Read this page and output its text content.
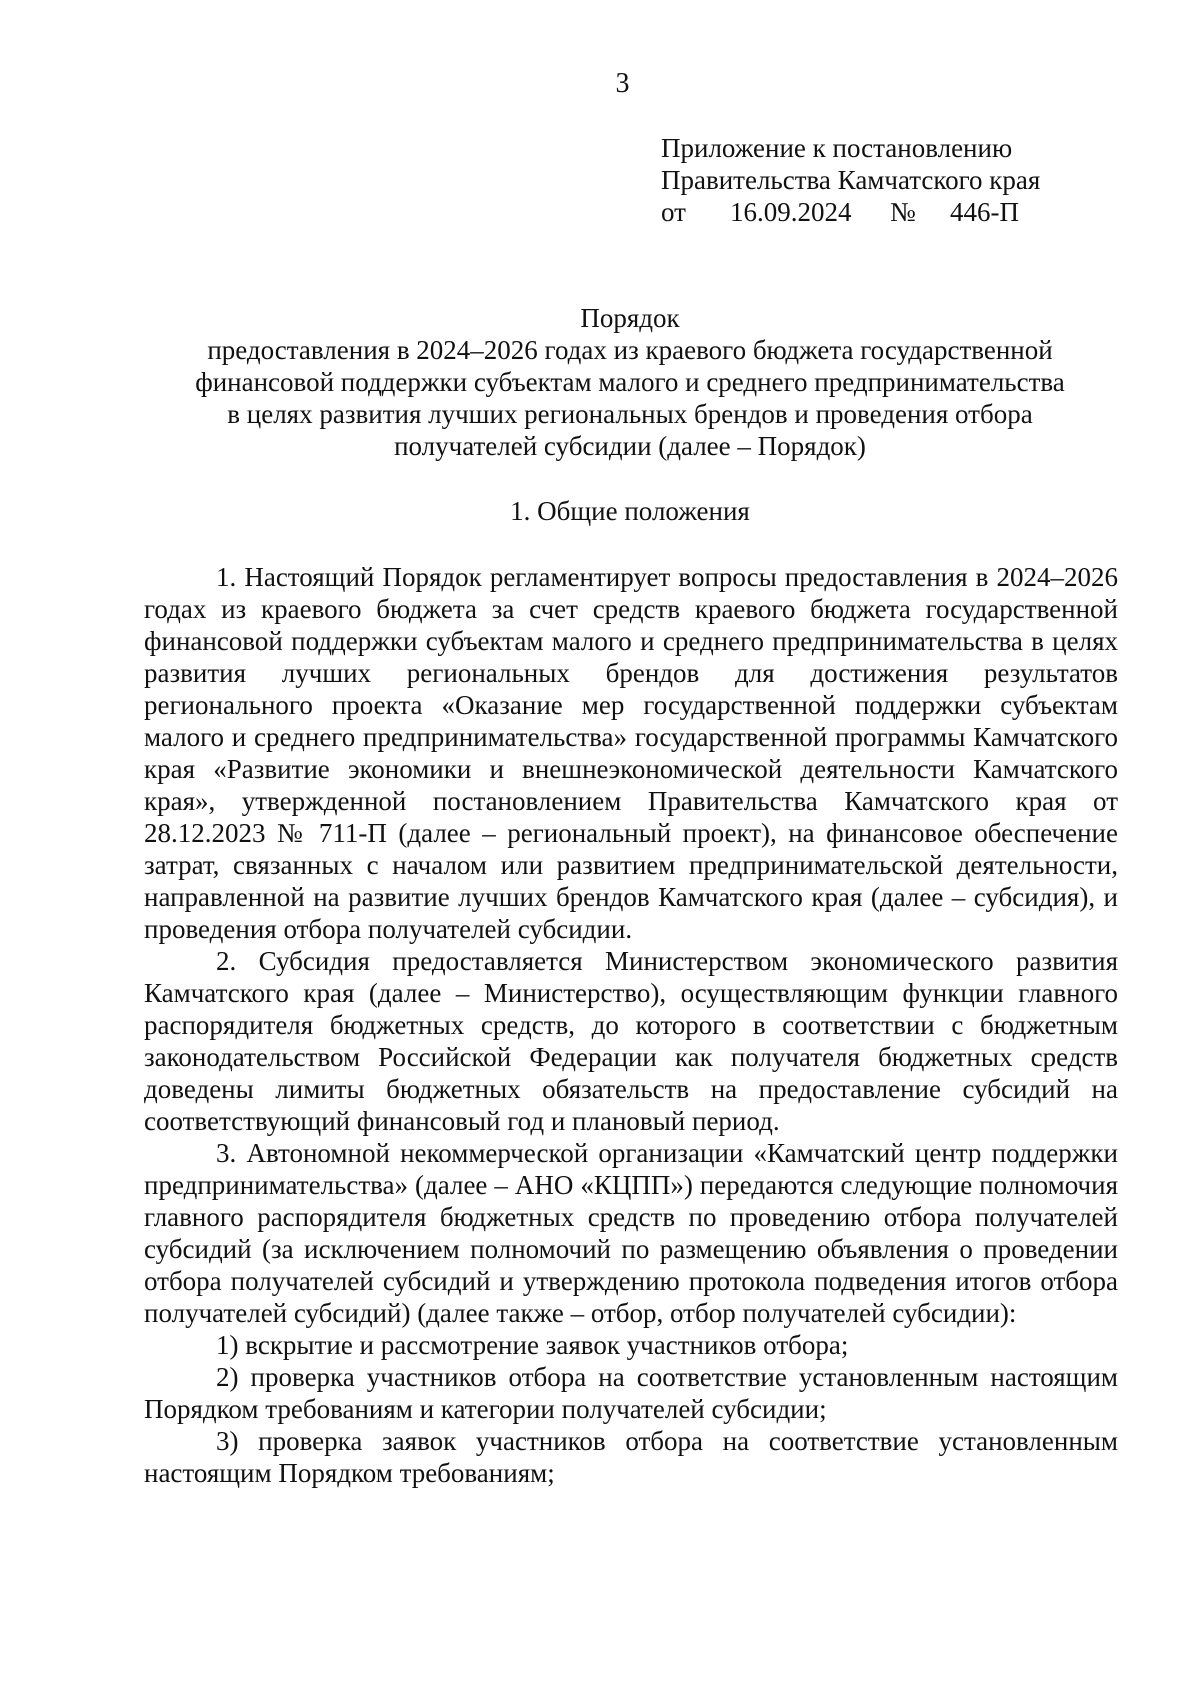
3
Приложение к постановлению
Правительства Камчатского края
от 16.09.2024 № 446-П
Порядок
предоставления в 2024–2026 годах из краевого бюджета государственной
финансовой поддержки субъектам малого и среднего предпринимательства
в целях развития лучших региональных брендов и проведения отбора
получателей субсидии (далее – Порядок)
1. Общие положения

1. Настоящий Порядок регламентирует вопросы предоставления в 2024–2026 годах из краевого бюджета за счет средств краевого бюджета государственной финансовой поддержки субъектам малого и среднего предпринимательства в целях развития лучших региональных брендов для достижения результатов регионального проекта «Оказание мер государственной поддержки субъектам малого и среднего предпринимательства» государственной программы Камчатского края «Развитие экономики и внешнеэкономической деятельности Камчатского края», утвержденной постановлением Правительства Камчатского края от 28.12.2023 № 711-П (далее – региональный проект), на финансовое обеспечение затрат, связанных с началом или развитием предпринимательской деятельности, направленной на развитие лучших брендов Камчатского края (далее – субсидия), и проведения отбора получателей субсидии.

2. Субсидия предоставляется Министерством экономического развития Камчатского края (далее – Министерство), осуществляющим функции главного распорядителя бюджетных средств, до которого в соответствии с бюджетным законодательством Российской Федерации как получателя бюджетных средств доведены лимиты бюджетных обязательств на предоставление субсидий на соответствующий финансовый год и плановый период.

3. Автономной некоммерческой организации «Камчатский центр поддержки предпринимательства» (далее – АНО «КЦПП») передаются следующие полномочия главного распорядителя бюджетных средств по проведению отбора получателей субсидий (за исключением полномочий по размещению объявления о проведении отбора получателей субсидий и утверждению протокола подведения итогов отбора получателей субсидий) (далее также – отбор, отбор получателей субсидии):

1) вскрытие и рассмотрение заявок участников отбора;

2) проверка участников отбора на соответствие установленным настоящим Порядком требованиям и категории получателей субсидии;

3) проверка заявок участников отбора на соответствие установленным настоящим Порядком требованиям;
